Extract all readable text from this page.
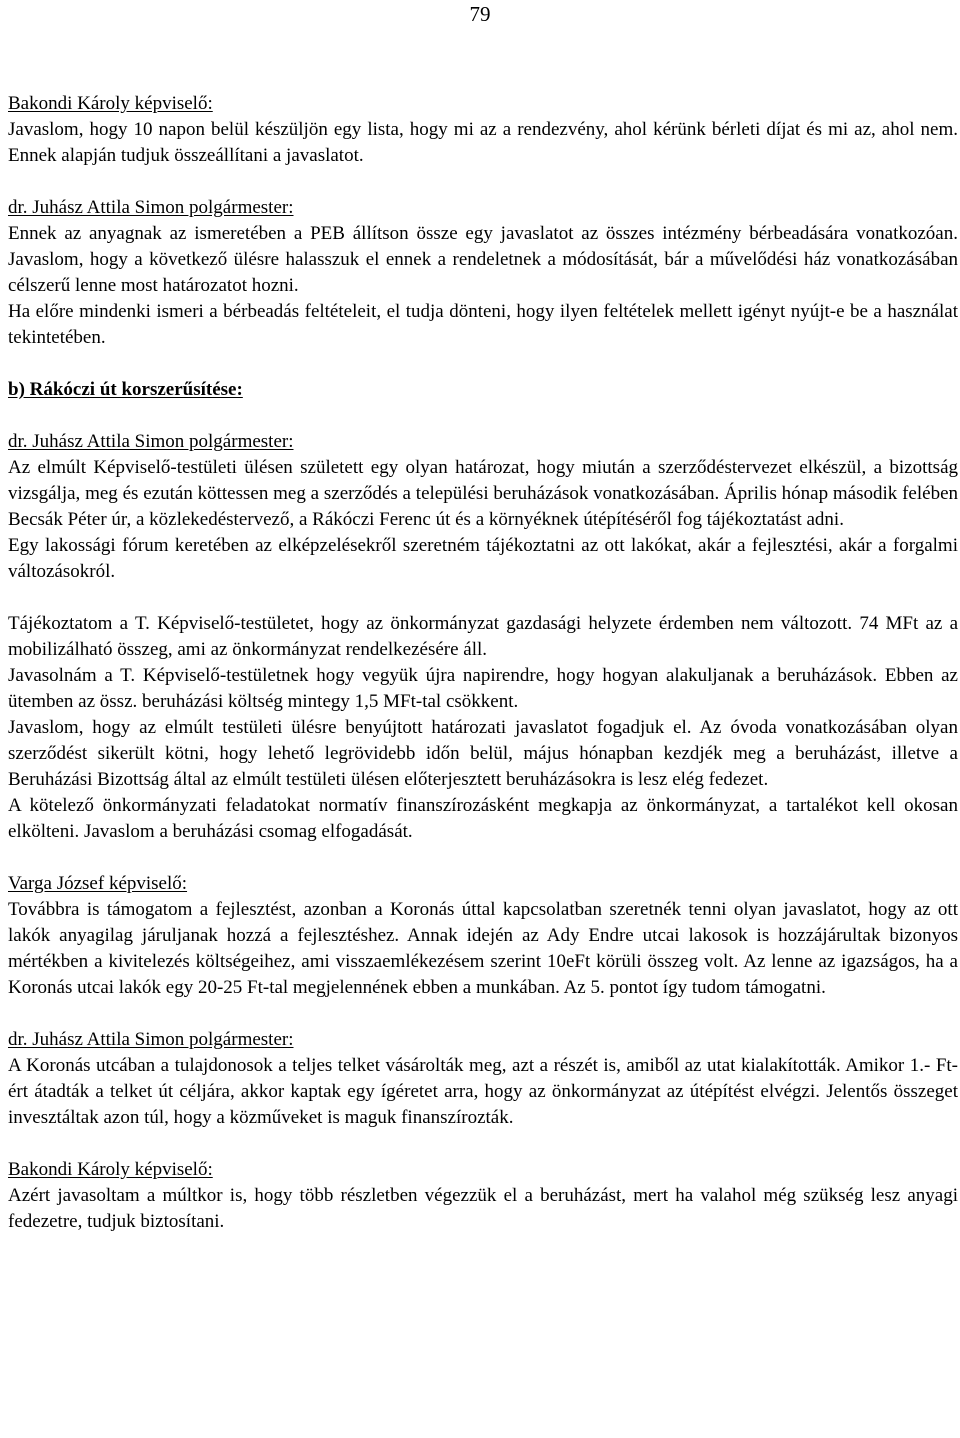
79
Bakondi Károly képviselő:

Javaslom, hogy 10 napon belül készüljön egy lista, hogy mi az a rendezvény, ahol kérünk bérleti díjat és mi az, ahol nem. Ennek alapján tudjuk összeállítani a javaslatot.

dr. Juhász Attila Simon polgármester:

Ennek az anyagnak az ismeretében a PEB állítson össze egy javaslatot az összes intézmény bérbeadására vonatkozóan. Javaslom, hogy a következő ülésre halasszuk el ennek a rendeletnek a módosítását, bár a művelődési ház vonatkozásában célszerű lenne most határozatot hozni.

Ha előre mindenki ismeri a bérbeadás feltételeit, el tudja dönteni, hogy ilyen feltételek mellett igényt nyújt-e be a használat tekintetében.

b) Rákóczi út korszerűsítése:

dr. Juhász Attila Simon polgármester:

Az elmúlt Képviselő-testületi ülésen született egy olyan határozat, hogy miután a szerződéstervezet elkészül, a bizottság vizsgálja, meg és ezután köttessen meg a szerződés a települési beruházások vonatkozásában. Április hónap második felében Becsák Péter úr, a közlekedéstervező, a Rákóczi Ferenc út és a környéknek útépítéséről fog tájékoztatást adni.

Egy lakossági fórum keretében az elképzelésekről szeretném tájékoztatni az ott lakókat, akár a fejlesztési, akár a forgalmi változásokról.

Tájékoztatom a T. Képviselő-testületet, hogy az önkormányzat gazdasági helyzete érdemben nem változott. 74 MFt az a mobilizálható összeg, ami az önkormányzat rendelkezésére áll.

Javasolnám a T. Képviselő-testületnek hogy vegyük újra napirendre, hogy hogyan alakuljanak a beruházások. Ebben az ütemben az össz. beruházási költség mintegy 1,5 MFt-tal csökkent.

Javaslom, hogy az elmúlt testületi ülésre benyújtott határozati javaslatot fogadjuk el. Az óvoda vonatkozásában olyan szerződést sikerült kötni, hogy lehető legrövidebb időn belül, május hónapban kezdjék meg a beruházást, illetve a Beruházási Bizottság által az elmúlt testületi ülésen előterjesztett beruházásokra is lesz elég fedezet.

A kötelező önkormányzati feladatokat normatív finanszírozásként megkapja az önkormányzat, a tartalékot kell okosan elkölteni. Javaslom a beruházási csomag elfogadását.

Varga József képviselő:

Továbbra is támogatom a fejlesztést, azonban a Koronás úttal kapcsolatban szeretnék tenni olyan javaslatot, hogy az ott lakók anyagilag járuljanak hozzá a fejlesztéshez. Annak idején az Ady Endre utcai lakosok is hozzájárultak bizonyos mértékben a kivitelezés költségeihez, ami visszaemlékezésem szerint 10eFt körüli összeg volt. Az lenne az igazságos, ha a Koronás utcai lakók egy 20-25 Ft-tal megjelennének ebben a munkában. Az 5. pontot így tudom támogatni.

dr. Juhász Attila Simon polgármester:

A Koronás utcában a tulajdonosok a teljes telket vásárolták meg, azt a részét is, amiből az utat kialakították. Amikor 1.- Ft-ért átadták a telket út céljára, akkor kaptak egy ígéretet arra, hogy az önkormányzat az útépítést elvégzi. Jelentős összeget invesztáltak azon túl, hogy a közműveket is maguk finanszírozták.

Bakondi Károly képviselő:

Azért javasoltam a múltkor is, hogy több részletben végezzük el a beruházást, mert ha valahol még szükség lesz anyagi fedezetre, tudjuk biztosítani.
